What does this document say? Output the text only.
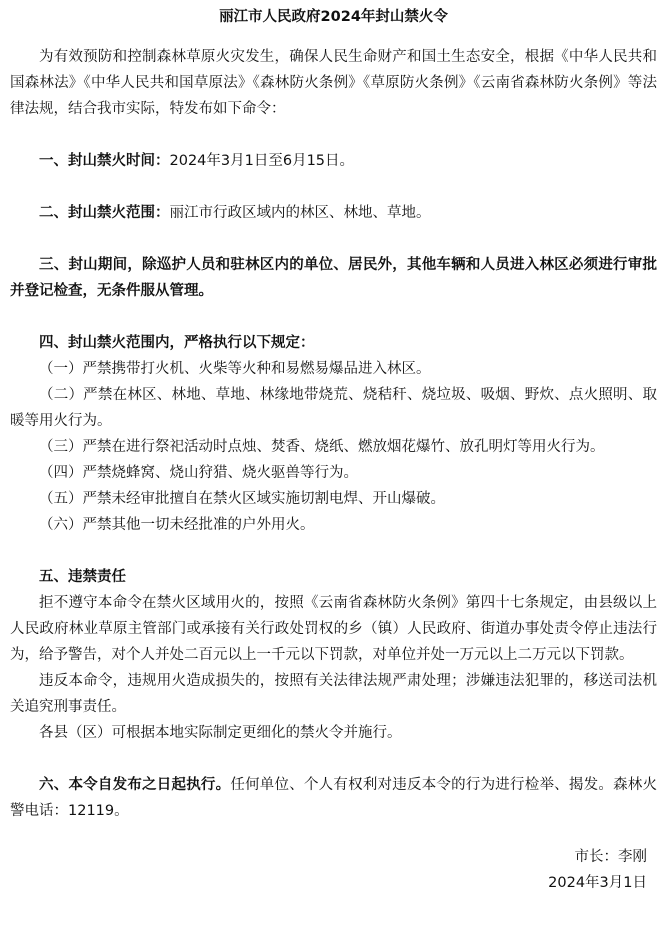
丽江市人民政府2024年封山禁火令

为有效预防和控制森林草原火灾发生，确保人民生命财产和国土生态安全，根据《中华人民共和国森林法》《中华人民共和国草原法》《森林防火条例》《草原防火条例》《云南省森林防火条例》等法律法规，结合我市实际，特发布如下命令：

一、封山禁火时间：2024年3月1日至6月15日。

二、封山禁火范围：丽江市行政区域内的林区、林地、草地。

三、封山期间，除巡护人员和驻林区内的单位、居民外，其他车辆和人员进入林区必须进行审批并登记检查，无条件服从管理。

四、封山禁火范围内，严格执行以下规定：

（一）严禁携带打火机、火柴等火种和易燃易爆品进入林区。

（二）严禁在林区、林地、草地、林缘地带烧荒、烧秸秆、烧垃圾、吸烟、野炊、点火照明、取暖等用火行为。

（三）严禁在进行祭祀活动时点烛、焚香、烧纸、燃放烟花爆竹、放孔明灯等用火行为。

（四）严禁烧蜂窝、烧山狩猎、烧火驱兽等行为。

（五）严禁未经审批擅自在禁火区域实施切割电焊、开山爆破。

（六）严禁其他一切未经批准的户外用火。

五、违禁责任

拒不遵守本命令在禁火区域用火的，按照《云南省森林防火条例》第四十七条规定，由县级以上人民政府林业草原主管部门或承接有关行政处罚权的乡（镇）人民政府、街道办事处责令停止违法行为，给予警告，对个人并处二百元以上一千元以下罚款，对单位并处一万元以上二万元以下罚款。

违反本命令，违规用火造成损失的，按照有关法律法规严肃处理；涉嫌违法犯罪的，移送司法机关追究刑事责任。

各县（区）可根据本地实际制定更细化的禁火令并施行。

六、本令自发布之日起执行。任何单位、个人有权利对违反本令的行为进行检举、揭发。森林火警电话：12119。

市长：李刚

2024年3月1日
